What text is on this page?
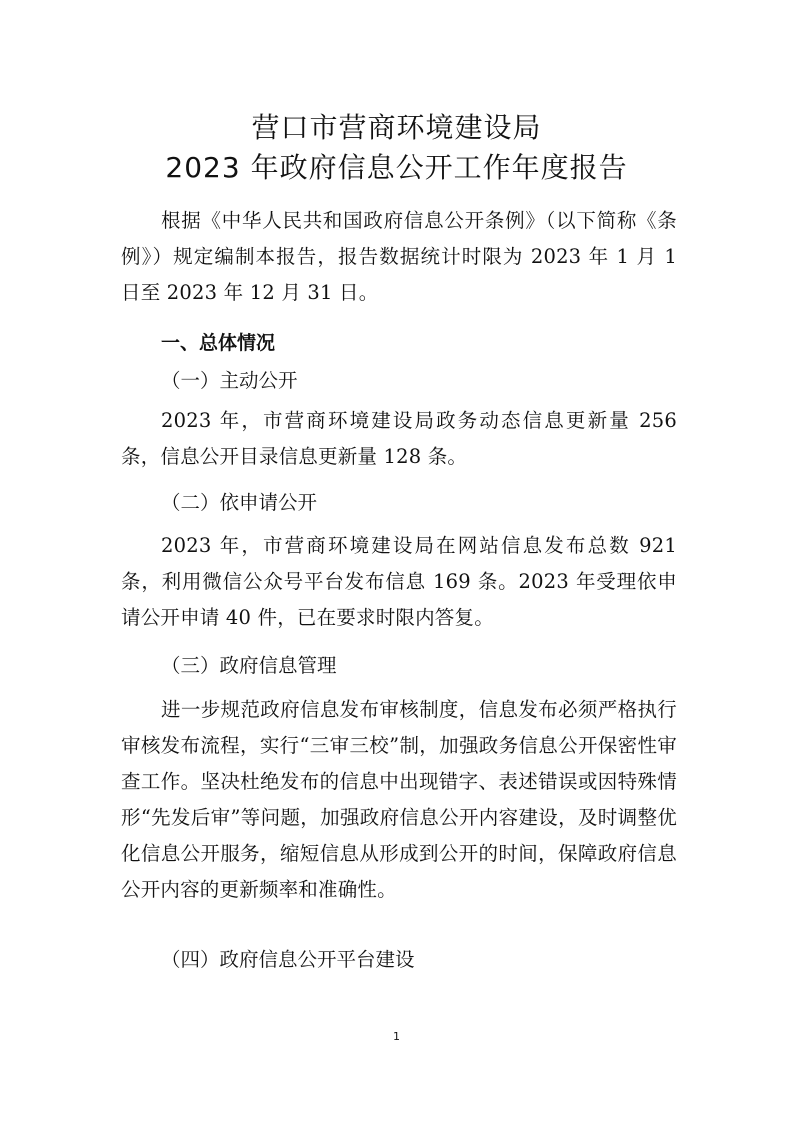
营口市营商环境建设局
2023 年政府信息公开工作年度报告

根据《中华人民共和国政府信息公开条例》（以下简称《条例》）规定编制本报告，报告数据统计时限为 2023 年 1 月 1 日至 2023 年 12 月 31 日。

一、总体情况
（一）主动公开

2023 年，市营商环境建设局政务动态信息更新量 256 条，信息公开目录信息更新量 128 条。

（二）依申请公开

2023 年，市营商环境建设局在网站信息发布总数 921 条，利用微信公众号平台发布信息 169 条。2023 年受理依申请公开申请 40 件，已在要求时限内答复。

（三）政府信息管理

进一步规范政府信息发布审核制度，信息发布必须严格执行审核发布流程，实行“三审三校”制，加强政务信息公开保密性审查工作。坚决杜绝发布的信息中出现错字、表述错误或因特殊情形“先发后审”等问题，加强政府信息公开内容建设，及时调整优化信息公开服务，缩短信息从形成到公开的时间，保障政府信息公开内容的更新频率和准确性。

（四）政府信息公开平台建设
1
